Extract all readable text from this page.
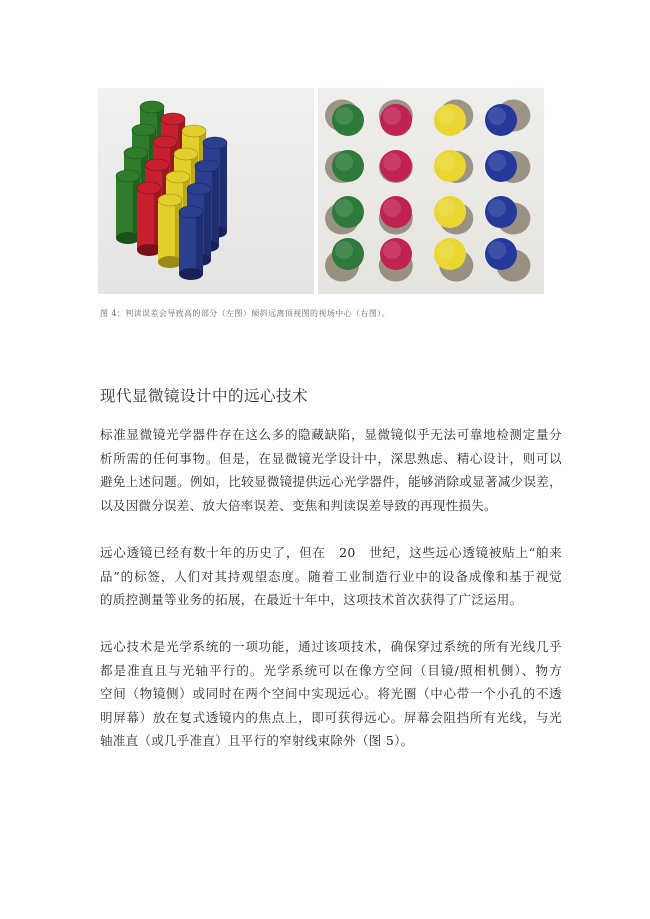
图 4：判读误差会导致高的部分（左图）倾斜远离顶视图的视场中心（右图）。
现代显微镜设计中的远心技术
标准显微镜光学器件存在这么多的隐藏缺陷，显微镜似乎无法可靠地检测定量分
析所需的任何事物。但是，在显微镜光学设计中，深思熟虑、精心设计，则可以
避免上述问题。例如，比较显微镜提供远心光学器件，能够消除或显著减少误差，
以及因微分误差、放大倍率误差、变焦和判读误差导致的再现性损失。
远心透镜已经有数十年的历史了，但在　20　世纪，这些远心透镜被贴上“舶来
品”的标签，人们对其持观望态度。随着工业制造行业中的设备成像和基于视觉
的质控测量等业务的拓展，在最近十年中，这项技术首次获得了广泛运用。
远心技术是光学系统的一项功能，通过该项技术，确保穿过系统的所有光线几乎
都是准直且与光轴平行的。光学系统可以在像方空间（目镜/照相机侧）、物方
空间（物镜侧）或同时在两个空间中实现远心。将光圈（中心带一个小孔的不透
明屏幕）放在复式透镜内的焦点上，即可获得远心。屏幕会阻挡所有光线，与光
轴准直（或几乎准直）且平行的窄射线束除外（图 5）。
